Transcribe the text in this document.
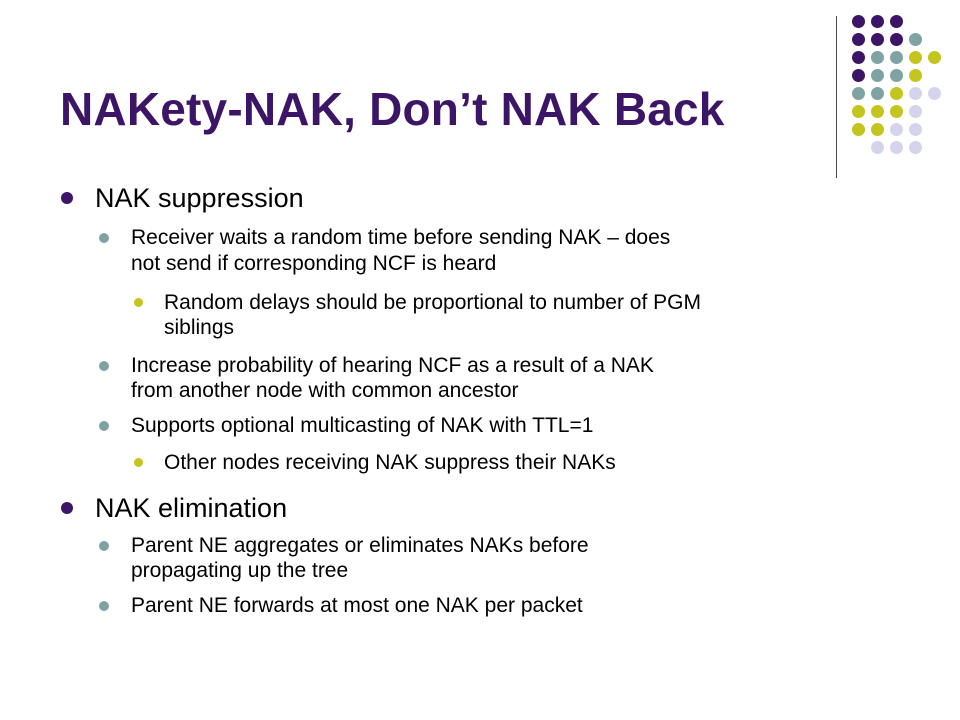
NAKety-NAK, Don’t NAK Back
NAK suppression
Receiver waits a random time before sending NAK – does
not send if corresponding NCF is heard
Random delays should be proportional to number of PGM
siblings
Increase probability of hearing NCF as a result of a NAK
from another node with common ancestor
Supports optional multicasting of NAK with TTL=1
Other nodes receiving NAK suppress their NAKs
NAK elimination
Parent NE aggregates or eliminates NAKs before
propagating up the tree
Parent NE forwards at most one NAK per packet
